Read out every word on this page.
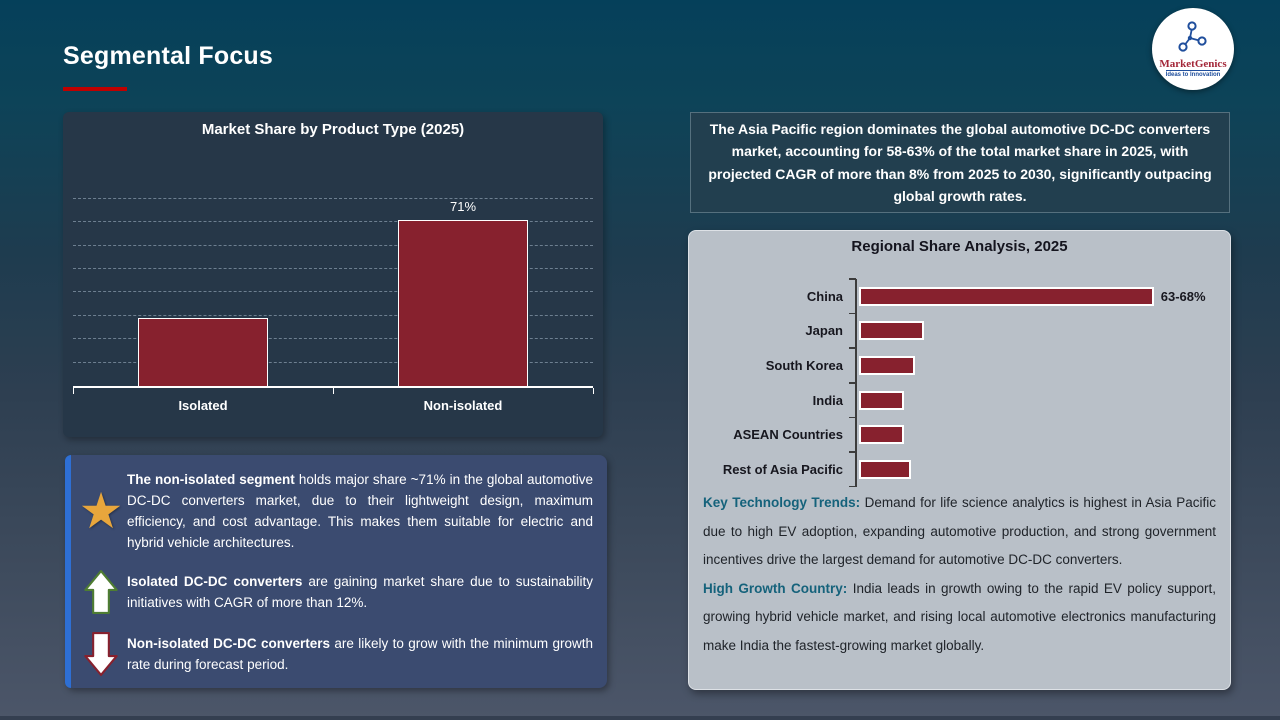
Segmental Focus	MarketGenics
Ideas to Innovation
Market Share by Product Type (2025)
71%
Isolated	Non-isolated
★
The non-isolated segment holds major share ~71% in the global automotive DC-DC converters market, due to their lightweight design, maximum efficiency, and cost advantage. This makes them suitable for electric and hybrid vehicle architectures.
Isolated DC-DC converters are gaining market share due to sustainability initiatives with CAGR of more than 12%.
Non-isolated DC-DC converters are likely to grow with the minimum growth rate during forecast period.
The Asia Pacific region dominates the global automotive DC-DC converters market, accounting for 58-63% of the total market share in 2025, with projected CAGR of more than 8% from 2025 to 2030, significantly outpacing global growth rates.
Regional Share Analysis, 2025
China	63-68%
Japan
South Korea
India
ASEAN Countries
Rest of Asia Pacific

Key Technology Trends: Demand for life science analytics is highest in Asia Pacific due to high EV adoption, expanding automotive production, and strong government incentives drive the largest demand for automotive DC-DC converters.

High Growth Country: India leads in growth owing to the rapid EV policy support, growing hybrid vehicle market, and rising local automotive electronics manufacturing make India the fastest-growing market globally.
